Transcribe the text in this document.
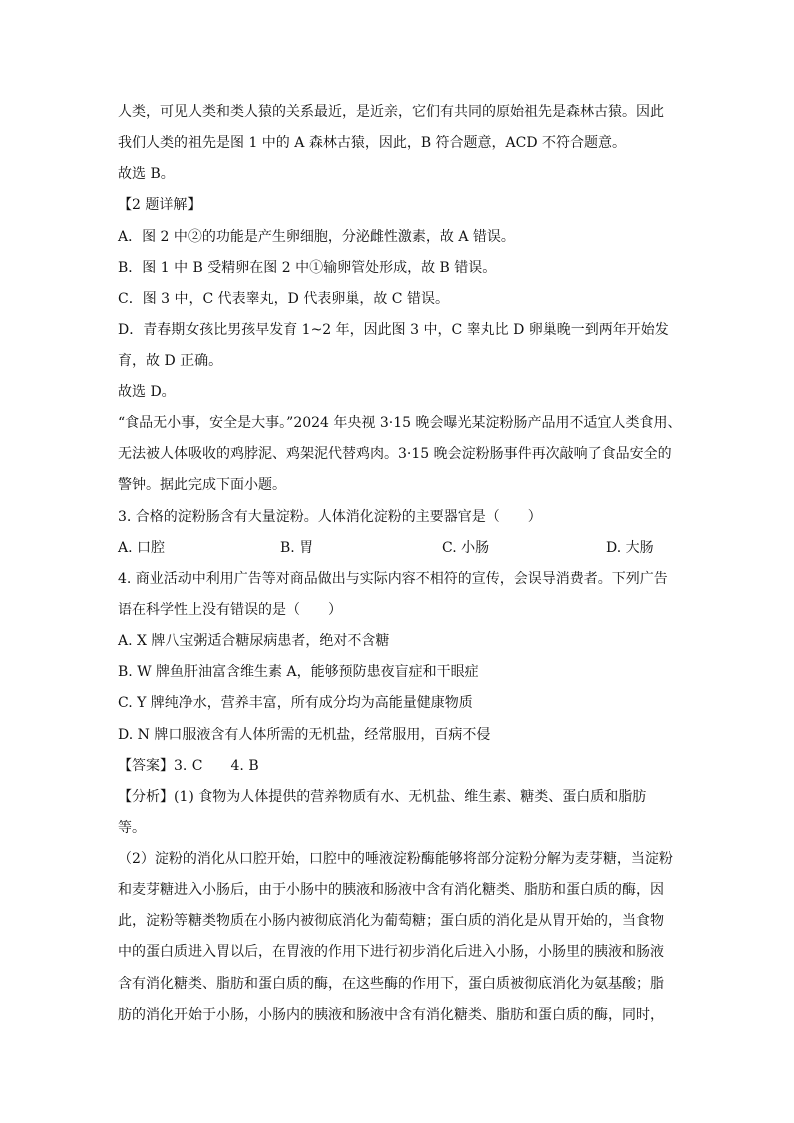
人类，可见人类和类人猿的关系最近，是近亲，它们有共同的原始祖先是森林古猿。因此
我们人类的祖先是图 1 中的 A 森林古猿，因此，B 符合题意，ACD 不符合题意。
故选 B。
【2 题详解】
A．图 2 中②的功能是产生卵细胞，分泌雌性激素，故 A 错误。
B．图 1 中 B 受精卵在图 2 中①输卵管处形成，故 B 错误。
C．图 3 中，C 代表睾丸，D 代表卵巢，故 C 错误。
D．青春期女孩比男孩早发育 1~2 年，因此图 3 中，C 睾丸比 D 卵巢晚一到两年开始发
育，故 D 正确。
故选 D。
“食品无小事，安全是大事。”2024 年央视 3·15 晚会曝光某淀粉肠产品用不适宜人类食用、
无法被人体吸收的鸡脖泥、鸡架泥代替鸡肉。3·15 晚会淀粉肠事件再次敲响了食品安全的
警钟。据此完成下面小题。
3. 合格的淀粉肠含有大量淀粉。人体消化淀粉的主要器官是（　　）
A. 口腔	B. 胃	C. 小肠	D. 大肠
4. 商业活动中利用广告等对商品做出与实际内容不相符的宣传，会误导消费者。下列广告
语在科学性上没有错误的是（　　）
A. X 牌八宝粥适合糖尿病患者，绝对不含糖
B. W 牌鱼肝油富含维生素 A，能够预防患夜盲症和干眼症
C. Y 牌纯净水，营养丰富，所有成分均为高能量健康物质
D. N 牌口服液含有人体所需的无机盐，经常服用，百病不侵
【答案】3. C　　4. B
【分析】(1) 食物为人体提供的营养物质有水、无机盐、维生素、糖类、蛋白质和脂肪
等。
（2）淀粉的消化从口腔开始，口腔中的唾液淀粉酶能够将部分淀粉分解为麦芽糖，当淀粉
和麦芽糖进入小肠后，由于小肠中的胰液和肠液中含有消化糖类、脂肪和蛋白质的酶，因
此，淀粉等糖类物质在小肠内被彻底消化为葡萄糖；蛋白质的消化是从胃开始的，当食物
中的蛋白质进入胃以后，在胃液的作用下进行初步消化后进入小肠，小肠里的胰液和肠液
含有消化糖类、脂肪和蛋白质的酶，在这些酶的作用下，蛋白质被彻底消化为氨基酸；脂
肪的消化开始于小肠，小肠内的胰液和肠液中含有消化糖类、脂肪和蛋白质的酶，同时，
